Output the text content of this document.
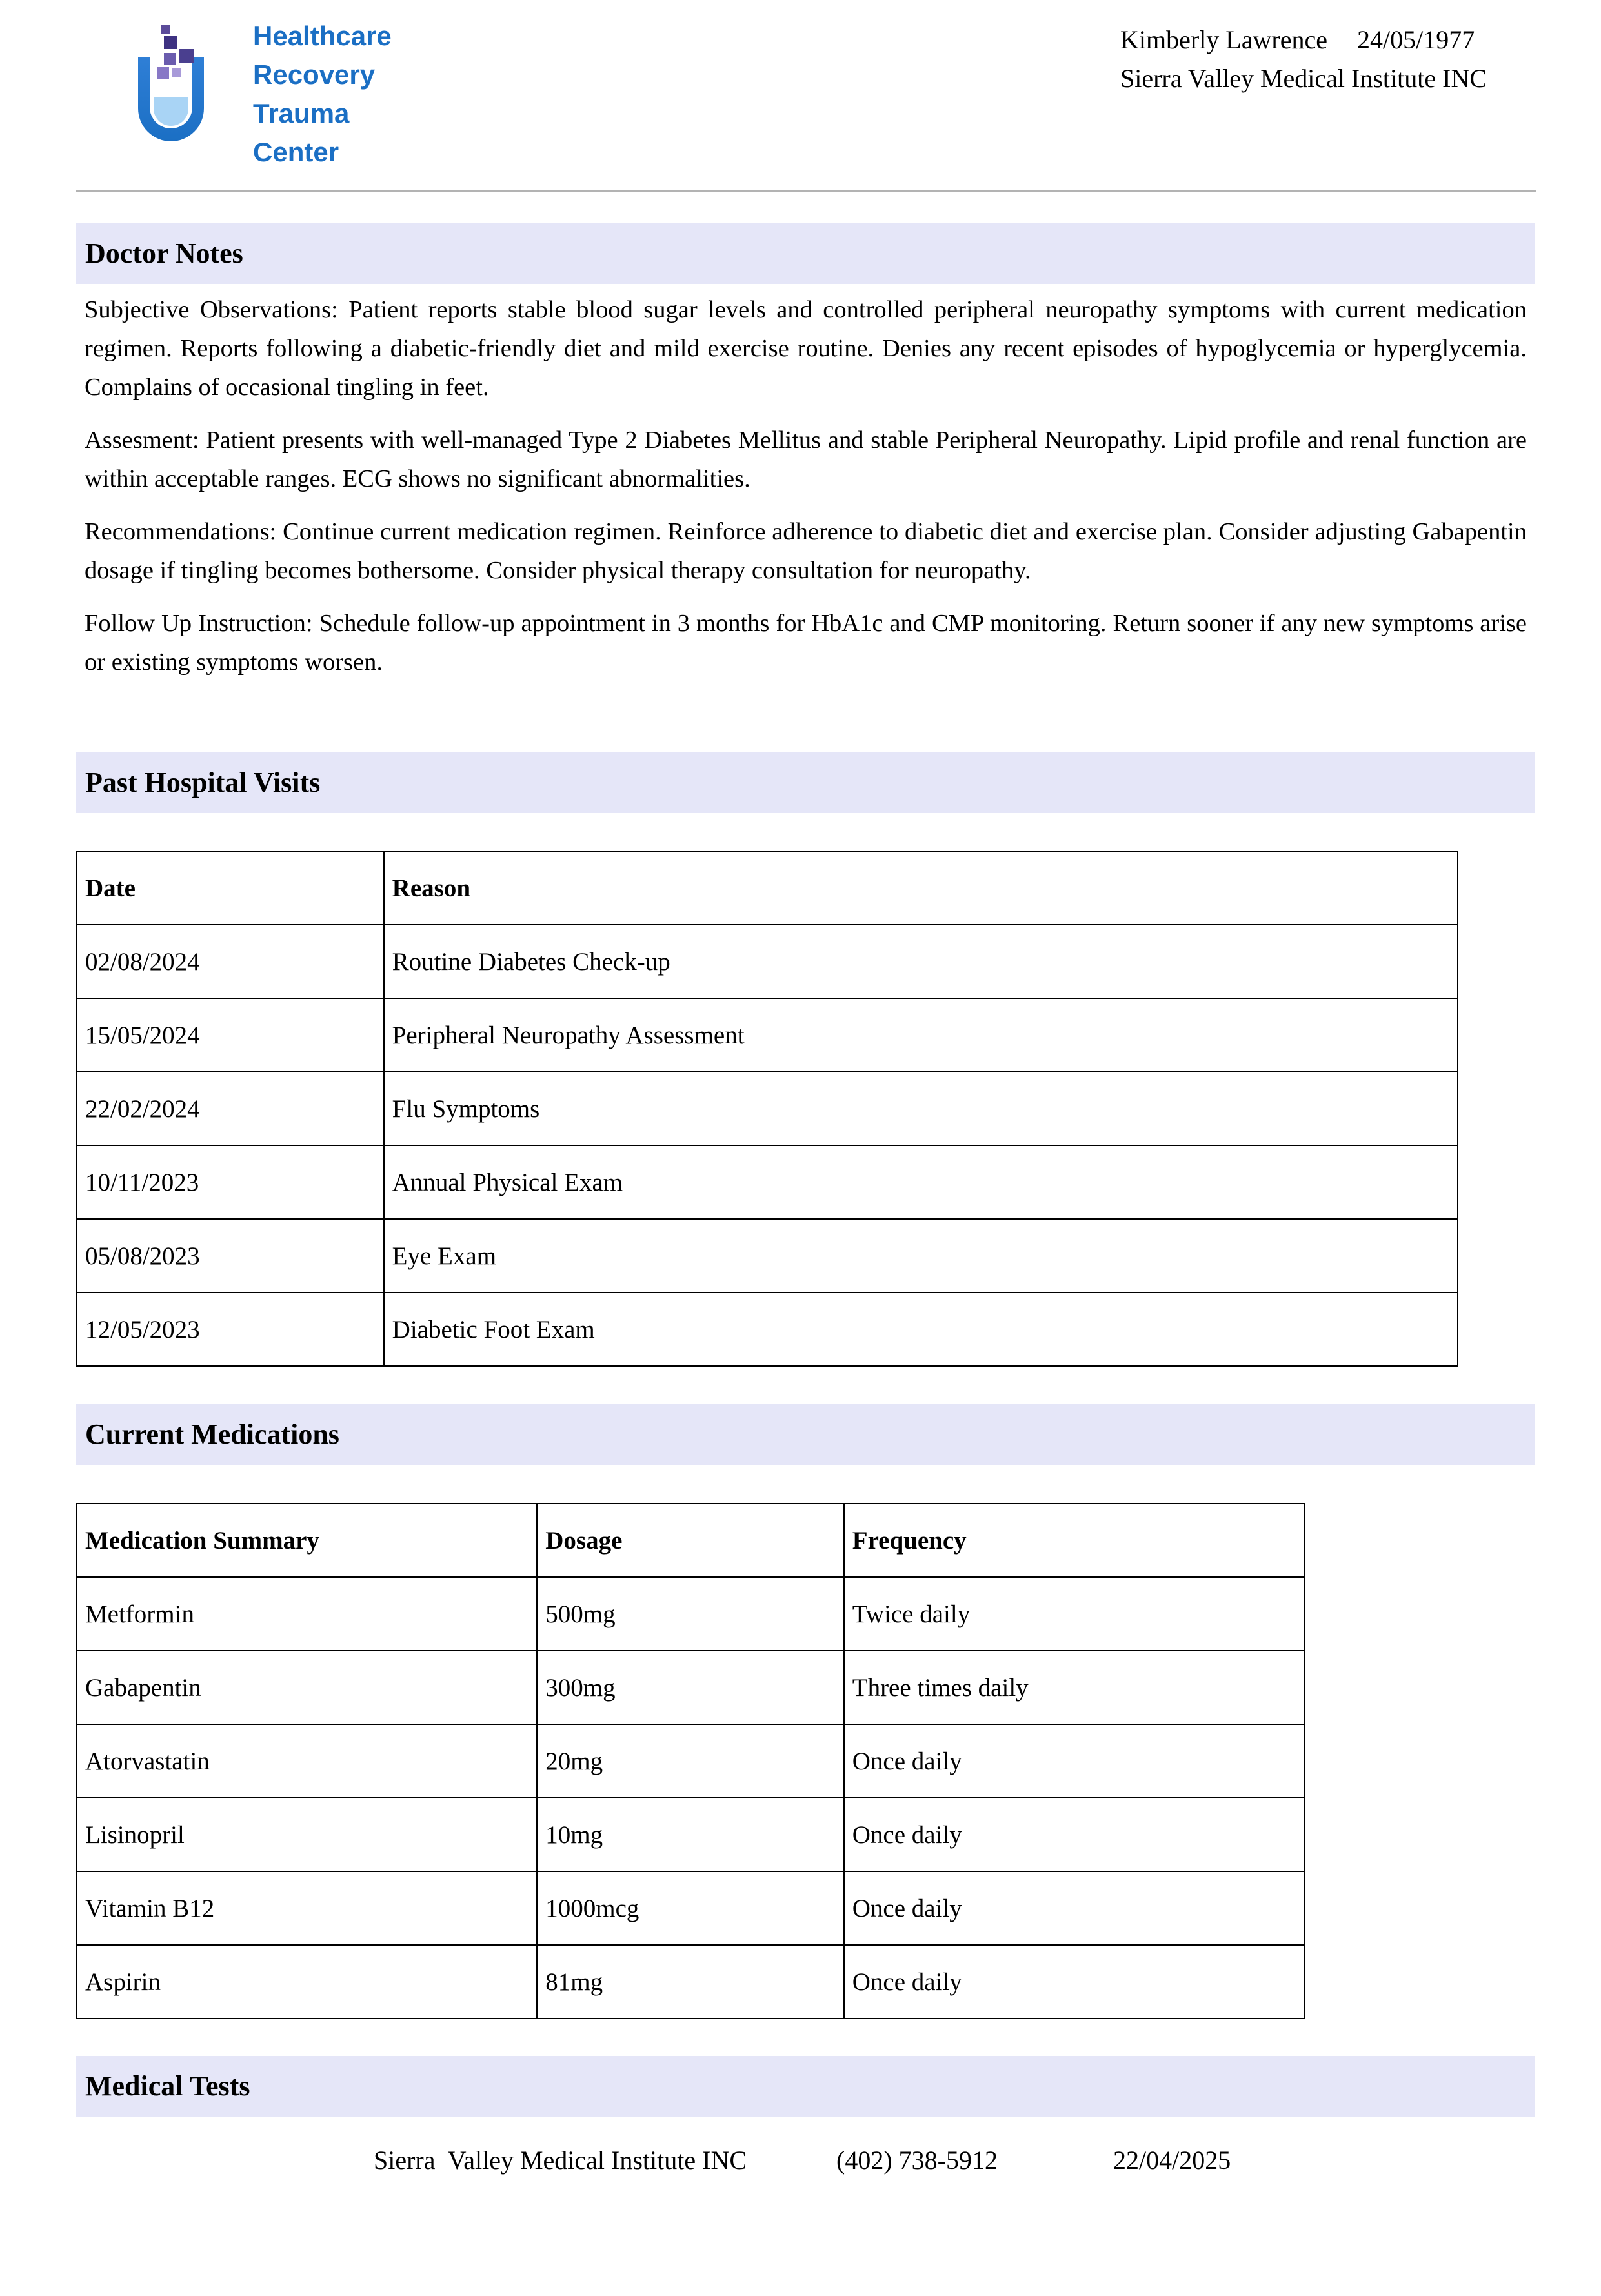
Healthcare
Recovery
Trauma
Center
Kimberly Lawrence 24/05/1977
Sierra Valley Medical Institute INC
Doctor Notes

Subjective Observations: Patient reports stable blood sugar levels and controlled peripheral neuropathy symptoms with current medication regimen. Reports following a diabetic-friendly diet and mild exercise routine. Denies any recent episodes of hypoglycemia or hyperglycemia. Complains of occasional tingling in feet.

Assesment: Patient presents with well-managed Type 2 Diabetes Mellitus and stable Peripheral Neuropathy. Lipid profile and renal function are within acceptable ranges. ECG shows no significant abnormalities.

Recommendations: Continue current medication regimen. Reinforce adherence to diabetic diet and exercise plan. Consider adjusting Gabapentin dosage if tingling becomes bothersome. Consider physical therapy consultation for neuropathy.

Follow Up Instruction: Schedule follow-up appointment in 3 months for HbA1c and CMP monitoring. Return sooner if any new symptoms arise or existing symptoms worsen.

Past Hospital Visits
Date	Reason
02/08/2024	Routine Diabetes Check-up
15/05/2024	Peripheral Neuropathy Assessment
22/02/2024	Flu Symptoms
10/11/2023	Annual Physical Exam
05/08/2023	Eye Exam
12/05/2023	Diabetic Foot Exam
Current Medications
Medication Summary	Dosage	Frequency
Metformin	500mg	Twice daily
Gabapentin	300mg	Three times daily
Atorvastatin	20mg	Once daily
Lisinopril	10mg	Once daily
Vitamin B12	1000mcg	Once daily
Aspirin	81mg	Once daily
Medical Tests

Sierra  Valley Medical Institute INC

	(402) 738-5912

	22/04/2025
